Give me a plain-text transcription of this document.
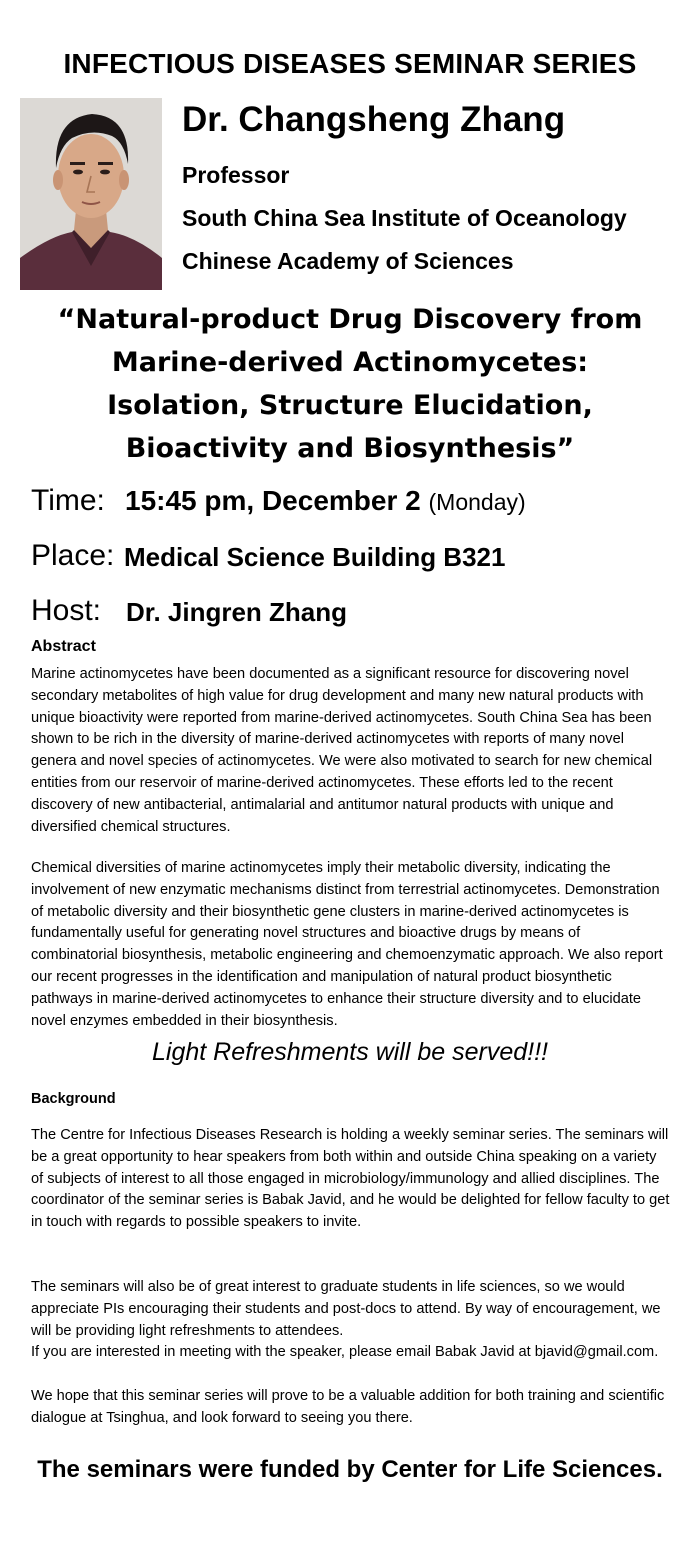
INFECTIOUS DISEASES SEMINAR SERIES
Dr. Changsheng Zhang
Professor
South China Sea Institute of Oceanology
Chinese Academy of Sciences
“Natural-product Drug Discovery from Marine-derived Actinomycetes: Isolation, Structure Elucidation, Bioactivity and Biosynthesis”
Time: 15:45 pm, December 2 (Monday)
Place: Medical Science Building B321
Host: Dr. Jingren Zhang
Abstract

Marine actinomycetes have been documented as a significant resource for discovering novel secondary metabolites of high value for drug development and many new natural products with unique bioactivity were reported from marine-derived actinomycetes. South China Sea has been shown to be rich in the diversity of marine-derived actinomycetes with reports of many novel genera and novel species of actinomycetes. We were also motivated to search for new chemical entities from our reservoir of marine-derived actinomycetes. These efforts led to the recent discovery of new antibacterial, antimalarial and antitumor natural products with unique and diversified chemical structures.

Chemical diversities of marine actinomycetes imply their metabolic diversity, indicating the involvement of new enzymatic mechanisms distinct from terrestrial actinomycetes. Demonstration of metabolic diversity and their biosynthetic gene clusters in marine-derived actinomycetes is fundamentally useful for generating novel structures and bioactive drugs by means of combinatorial biosynthesis, metabolic engineering and chemoenzymatic approach. We also report our recent progresses in the identification and manipulation of natural product biosynthetic pathways in marine-derived actinomycetes to enhance their structure diversity and to elucidate novel enzymes embedded in their biosynthesis.

Light Refreshments will be served!!!
Background

The Centre for Infectious Diseases Research is holding a weekly seminar series. The seminars will be a great opportunity to hear speakers from both within and outside China speaking on a variety of subjects of interest to all those engaged in microbiology/immunology and allied disciplines. The coordinator of the seminar series is Babak Javid, and he would be delighted for fellow faculty to get in touch with regards to possible speakers to invite.

The seminars will also be of great interest to graduate students in life sciences, so we would appreciate PIs encouraging their students and post-docs to attend. By way of encouragement, we will be providing light refreshments to attendees.

If you are interested in meeting with the speaker, please email Babak Javid at bjavid@gmail.com.

We hope that this seminar series will prove to be a valuable addition for both training and scientific dialogue at Tsinghua, and look forward to seeing you there.

The seminars were funded by Center for Life Sciences.
